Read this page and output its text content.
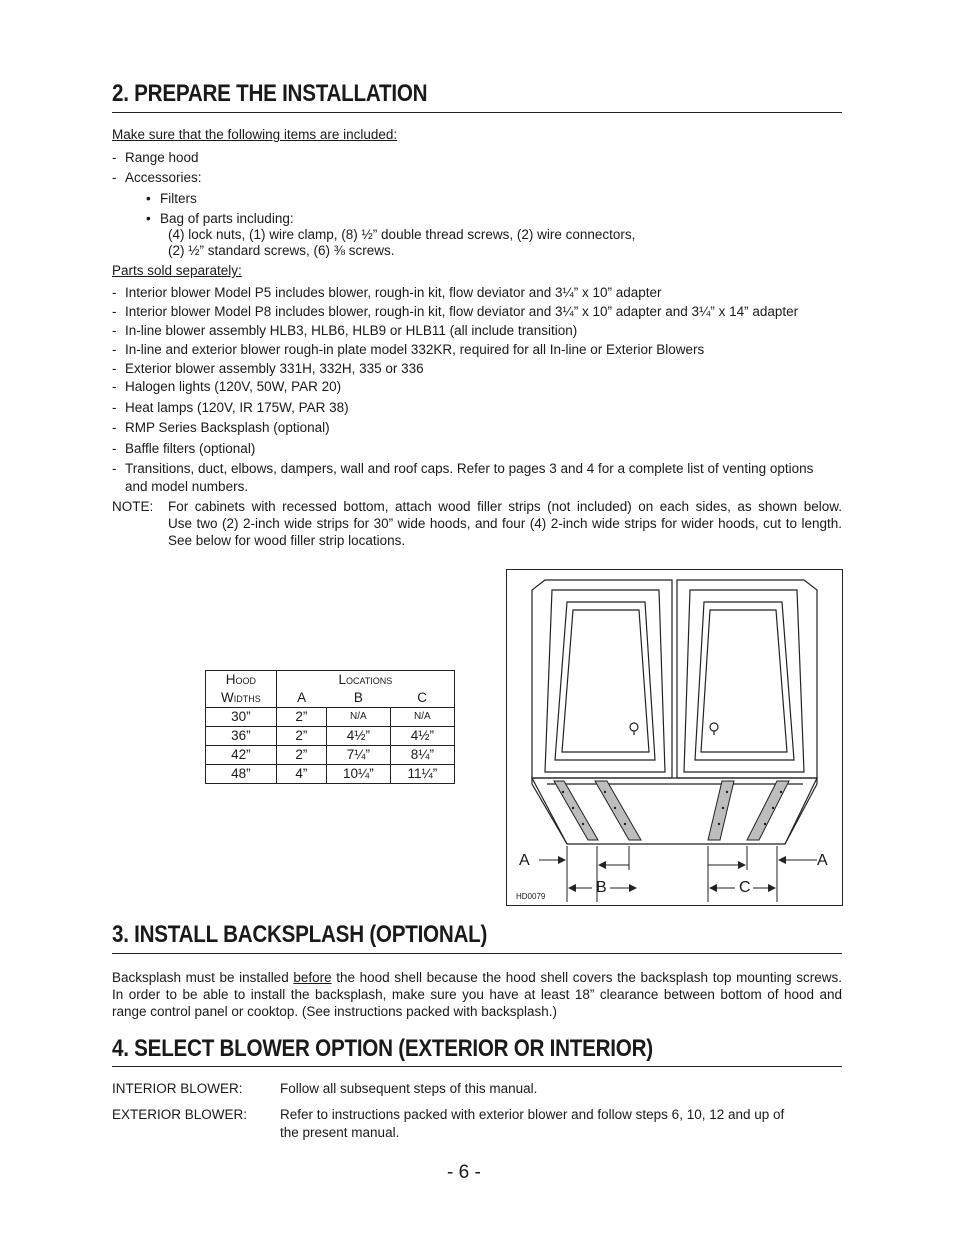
2. PREPARE THE INSTALLATION
Make sure that the following items are included:
- Range hood
- Accessories:
• Filters
• Bag of parts including:
(4) lock nuts, (1) wire clamp, (8) ½” double thread screws, (2) wire connectors,
(2) ½” standard screws, (6) ⅜ screws.
Parts sold separately:
- Interior blower Model P5 includes blower, rough-in kit, flow deviator and 3¼” x 10” adapter
- Interior blower Model P8 includes blower, rough-in kit, flow deviator and 3¼” x 10” adapter and 3¼” x 14” adapter
- In-line blower assembly HLB3, HLB6, HLB9 or HLB11 (all include transition)
- In-line and exterior blower rough-in plate model 332KR, required for all In-line or Exterior Blowers
- Exterior blower assembly 331H, 332H, 335 or 336
- Halogen lights (120V, 50W, PAR 20)
- Heat lamps (120V, IR 175W, PAR 38)
- RMP Series Backsplash (optional)
- Baffle filters (optional)
- Transitions, duct, elbows, dampers, wall and roof caps. Refer to pages 3 and 4 for a complete list of venting options
and model numbers.
NOTE: For cabinets with recessed bottom, attach wood filler strips (not included) on each sides, as shown below.
Use two (2) 2-inch wide strips for 30” wide hoods, and four (4) 2-inch wide strips for wider hoods, cut to length.
See below for wood filler strip locations.
Hood	Locations		
Widths	A	B	C
30”	2”	N/A	N/A
36”	2”	4½”	4½”
42”	2”	7¼”	8¼”
48”	4”	10¼”	11¼”
A	A
B	C
HD0079
3. INSTALL BACKSPLASH (OPTIONAL)
Backsplash must be installed before the hood shell because the hood shell covers the backsplash top mounting screws. In order to be able to install the backsplash, make sure you have at least 18” clearance between bottom of hood and range control panel or cooktop. (See instructions packed with backsplash.)
4. SELECT BLOWER OPTION (EXTERIOR OR INTERIOR)
INTERIOR BLOWER:	Follow all subsequent steps of this manual.
EXTERIOR BLOWER: Refer to instructions packed with exterior blower and follow steps 6, 10, 12 and up of
the present manual.
- 6 -
